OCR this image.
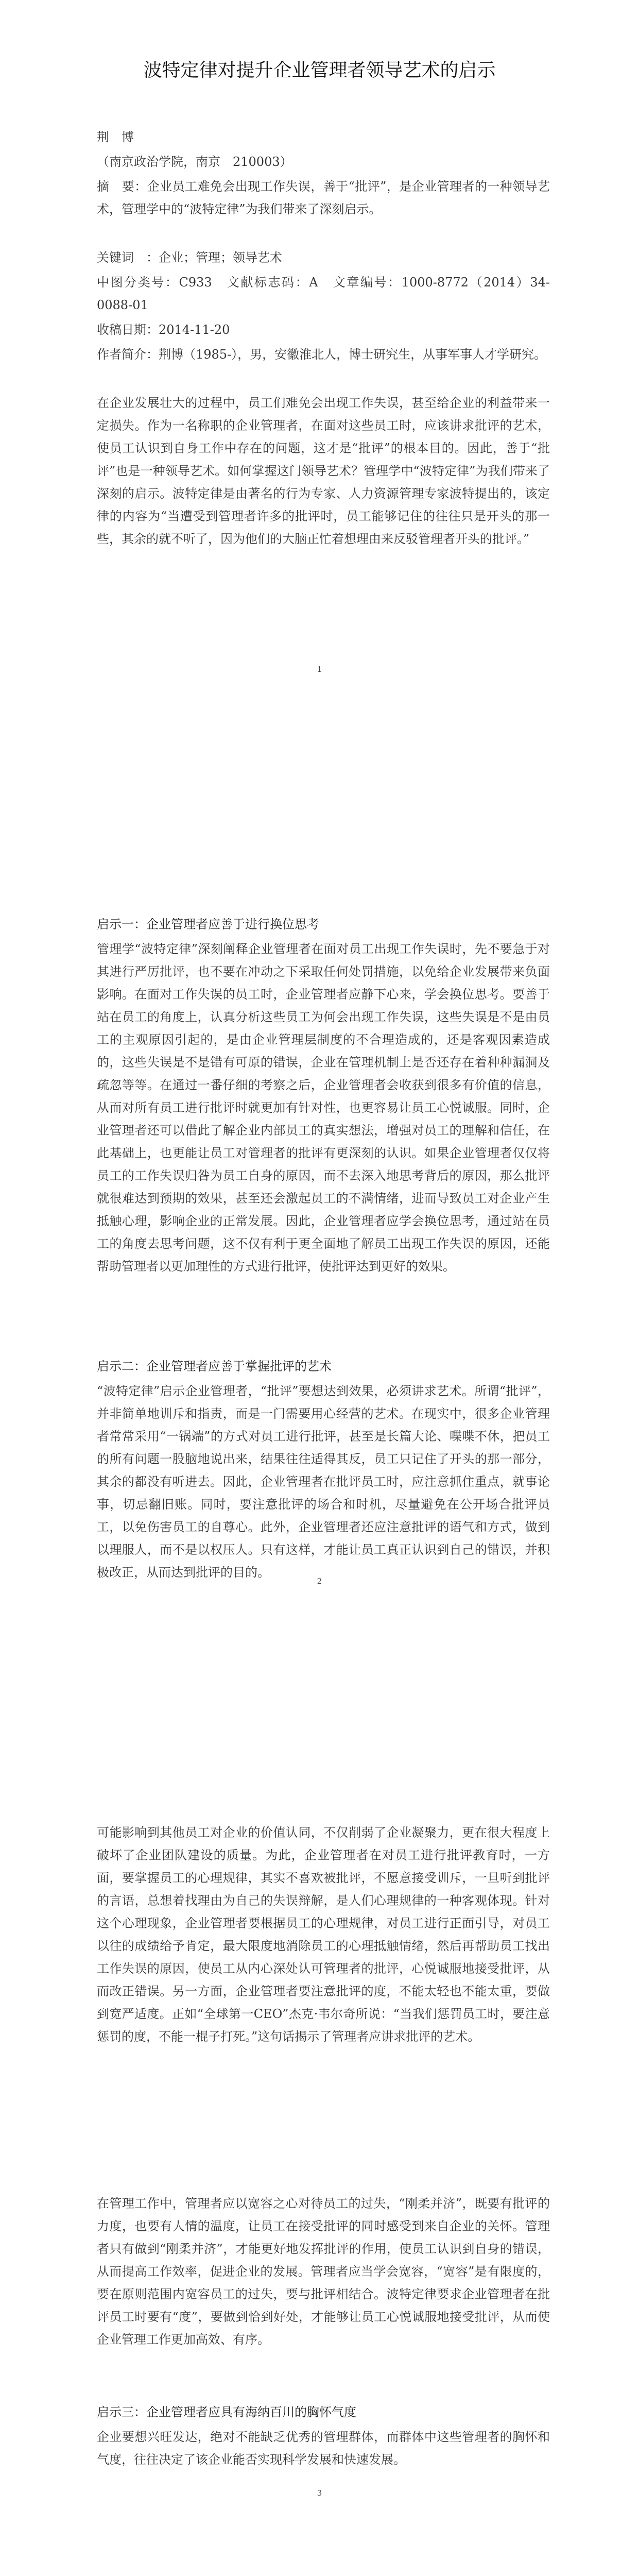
波特定律对提升企业管理者领导艺术的启示
荆　博
（南京政治学院，南京　210003）
摘　要：企业员工难免会出现工作失误，善于“批评”，是企业管理者的一种领导艺术，管理学中的“波特定律”为我们带来了深刻启示。
关键词　：企业；管理；领导艺术
中图分类号：C933　文献标志码：A　文章编号：1000-8772（2014）34-0088-01
收稿日期：2014-11-20
作者简介：荆博（1985-），男，安徽淮北人，博士研究生，从事军事人才学研究。
在企业发展壮大的过程中，员工们难免会出现工作失误，甚至给企业的利益带来一定损失。作为一名称职的企业管理者，在面对这些员工时，应该讲求批评的艺术，使员工认识到自身工作中存在的问题，这才是“批评”的根本目的。因此，善于“批评”也是一种领导艺术。如何掌握这门领导艺术？管理学中“波特定律”为我们带来了深刻的启示。波特定律是由著名的行为专家、人力资源管理专家波特提出的，该定律的内容为“当遭受到管理者许多的批评时，员工能够记住的往往只是开头的那一些，其余的就不听了，因为他们的大脑正忙着想理由来反驳管理者开头的批评。”
1
启示一：企业管理者应善于进行换位思考
管理学“波特定律”深刻阐释企业管理者在面对员工出现工作失误时，先不要急于对其进行严厉批评，也不要在冲动之下采取任何处罚措施，以免给企业发展带来负面影响。在面对工作失误的员工时，企业管理者应静下心来，学会换位思考。要善于站在员工的角度上，认真分析这些员工为何会出现工作失误，这些失误是不是由员工的主观原因引起的，是由企业管理层制度的不合理造成的，还是客观因素造成的，这些失误是不是错有可原的错误，企业在管理机制上是否还存在着种种漏洞及疏忽等等。在通过一番仔细的考察之后，企业管理者会收获到很多有价值的信息，从而对所有员工进行批评时就更加有针对性，也更容易让员工心悦诚服。同时，企业管理者还可以借此了解企业内部员工的真实想法，增强对员工的理解和信任，在此基础上，也更能让员工对管理者的批评有更深刻的认识。如果企业管理者仅仅将员工的工作失误归咎为员工自身的原因，而不去深入地思考背后的原因，那么批评就很难达到预期的效果，甚至还会激起员工的不满情绪，进而导致员工对企业产生抵触心理，影响企业的正常发展。因此，企业管理者应学会换位思考，通过站在员工的角度去思考问题，这不仅有利于更全面地了解员工出现工作失误的原因，还能帮助管理者以更加理性的方式进行批评，使批评达到更好的效果。
启示二：企业管理者应善于掌握批评的艺术
“波特定律”启示企业管理者，“批评”要想达到效果，必须讲求艺术。所谓“批评”，并非简单地训斥和指责，而是一门需要用心经营的艺术。在现实中，很多企业管理者常常采用“一锅端”的方式对员工进行批评，甚至是长篇大论、喋喋不休，把员工的所有问题一股脑地说出来，结果往往适得其反，员工只记住了开头的那一部分，其余的都没有听进去。因此，企业管理者在批评员工时，应注意抓住重点，就事论事，切忌翻旧账。同时，要注意批评的场合和时机，尽量避免在公开场合批评员工，以免伤害员工的自尊心。此外，企业管理者还应注意批评的语气和方式，做到以理服人，而不是以权压人。只有这样，才能让员工真正认识到自己的错误，并积极改正，从而达到批评的目的。
2
可能影响到其他员工对企业的价值认同，不仅削弱了企业凝聚力，更在很大程度上破坏了企业团队建设的质量。为此，企业管理者在对员工进行批评教育时，一方面，要掌握员工的心理规律，其实不喜欢被批评，不愿意接受训斥，一旦听到批评的言语，总想着找理由为自己的失误辩解，是人们心理规律的一种客观体现。针对这个心理现象，企业管理者要根据员工的心理规律，对员工进行正面引导，对员工以往的成绩给予肯定，最大限度地消除员工的心理抵触情绪，然后再帮助员工找出工作失误的原因，使员工从内心深处认可管理者的批评，心悦诚服地接受批评，从而改正错误。另一方面，企业管理者要注意批评的度，不能太轻也不能太重，要做到宽严适度。正如“全球第一CEO”杰克·韦尔奇所说：“当我们惩罚员工时，要注意惩罚的度，不能一棍子打死。”这句话揭示了管理者应讲求批评的艺术。
在管理工作中，管理者应以宽容之心对待员工的过失，“刚柔并济”，既要有批评的力度，也要有人情的温度，让员工在接受批评的同时感受到来自企业的关怀。管理者只有做到“刚柔并济”，才能更好地发挥批评的作用，使员工认识到自身的错误，从而提高工作效率，促进企业的发展。管理者应当学会宽容，“宽容”是有限度的，要在原则范围内宽容员工的过失，要与批评相结合。波特定律要求企业管理者在批评员工时要有“度”，要做到恰到好处，才能够让员工心悦诚服地接受批评，从而使企业管理工作更加高效、有序。
启示三：企业管理者应具有海纳百川的胸怀气度
企业要想兴旺发达，绝对不能缺乏优秀的管理群体，而群体中这些管理者的胸怀和气度，往往决定了该企业能否实现科学发展和快速发展。
3
